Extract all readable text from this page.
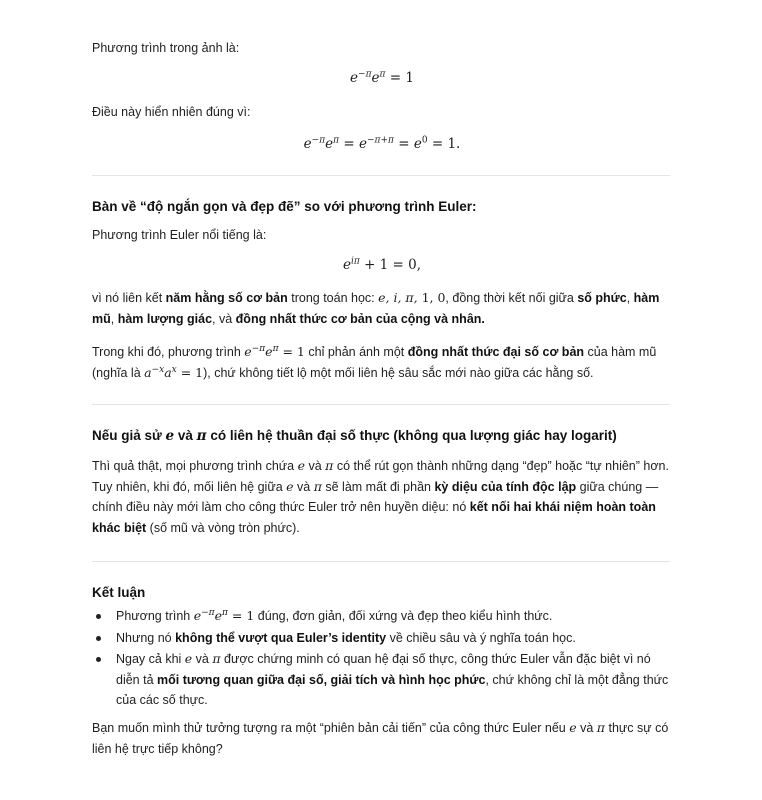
Phương trình trong ảnh là:
$e^{-\pi}e^\pi = 1$
Điều này hiển nhiên đúng vì:
$e^{-\pi}e^\pi = e^{-\pi+\pi} = e^0 = 1$.
Bàn về “độ ngắn gọn và đẹp đẽ” so với phương trình Euler:
Phương trình Euler nổi tiếng là:
$e^{i\pi} + 1 = 0$,
vì nó liên kết năm hằng số cơ bản trong toán học: e, i, π, 1, 0, đồng thời kết nối giữa số phức, hàm mũ, hàm lượng giác, và đồng nhất thức cơ bản của cộng và nhân.
Trong khi đó, phương trình $e^{-\pi}e^\pi = 1$ chỉ phản ánh một đồng nhất thức đại số cơ bản của hàm mũ (nghĩa là $a^{-x}a^x = 1$), chứ không tiết lộ một mối liên hệ sâu sắc mới nào giữa các hằng số.
Nếu giả sử e và π có liên hệ thuần đại số thực (không qua lượng giác hay logarit)
Thì quả thật, mọi phương trình chứa e và π có thể rút gọn thành những dạng “đẹp” hoặc “tự nhiên” hơn. Tuy nhiên, khi đó, mối liên hệ giữa e và π sẽ làm mất đi phần kỳ diệu của tính độc lập giữa chúng — chính điều này mới làm cho công thức Euler trở nên huyền diệu: nó kết nối hai khái niệm hoàn toàn khác biệt (số mũ và vòng tròn phức).
Kết luận
Phương trình $e^{-\pi}e^\pi = 1$ đúng, đơn giản, đối xứng và đẹp theo kiểu hình thức.
Nhưng nó không thể vượt qua Euler’s identity về chiều sâu và ý nghĩa toán học.
Ngay cả khi e và π được chứng minh có quan hệ đại số thực, công thức Euler vẫn đặc biệt vì nó diễn tả mối tương quan giữa đại số, giải tích và hình học phức, chứ không chỉ là một đẳng thức của các số thực.
Bạn muốn mình thử tưởng tượng ra một “phiên bản cải tiến” của công thức Euler nếu e và π thực sự có liên hệ trực tiếp không?
